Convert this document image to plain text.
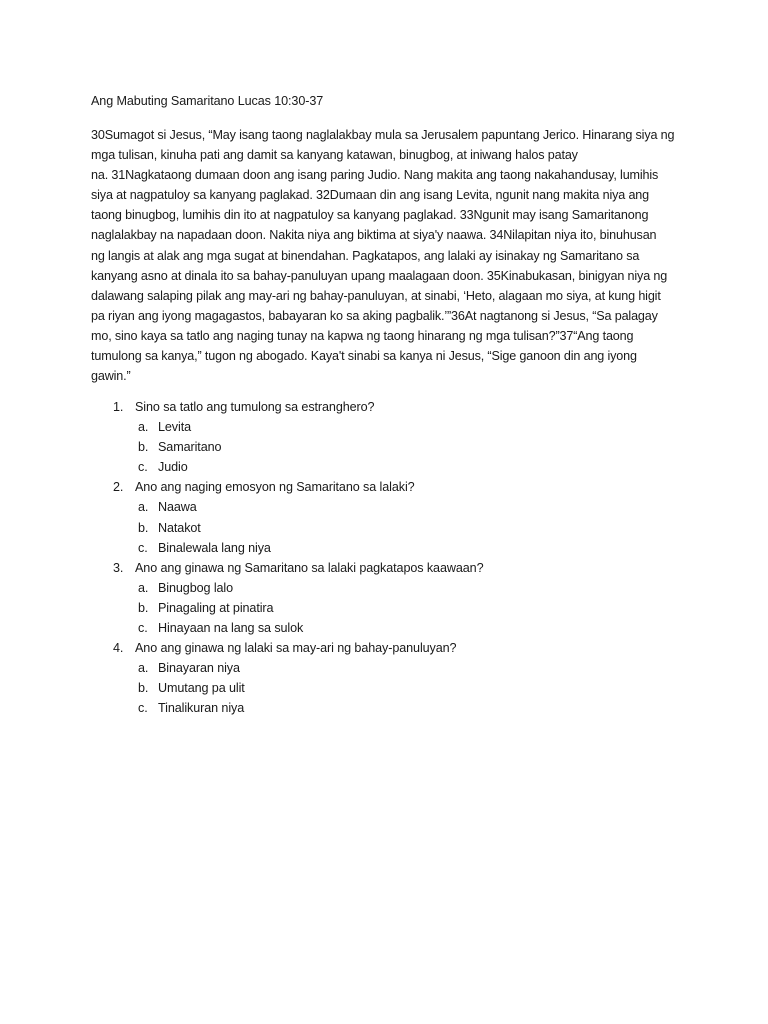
Ang Mabuting Samaritano Lucas 10:30-37
30Sumagot si Jesus, “May isang taong naglalakbay mula sa Jerusalem papuntang Jerico. Hinarang siya ng
mga tulisan, kinuha pati ang damit sa kanyang katawan, binugbog, at iniwang halos patay
na. 31Nagkataong dumaan doon ang isang paring Judio. Nang makita ang taong nakahandusay, lumihis
siya at nagpatuloy sa kanyang paglakad. 32Dumaan din ang isang Levita, ngunit nang makita niya ang
taong binugbog, lumihis din ito at nagpatuloy sa kanyang paglakad. 33Ngunit may isang Samaritanong
naglalakbay na napadaan doon. Nakita niya ang biktima at siya'y naawa. 34Nilapitan niya ito, binuhusan
ng langis at alak ang mga sugat at binendahan. Pagkatapos, ang lalaki ay isinakay ng Samaritano sa
kanyang asno at dinala ito sa bahay-panuluyan upang maalagaan doon. 35Kinabukasan, binigyan niya ng
dalawang salaping pilak ang may-ari ng bahay-panuluyan, at sinabi, ‘Heto, alagaan mo siya, at kung higit
pa riyan ang iyong magagastos, babayaran ko sa aking pagbalik.’”36At nagtanong si Jesus, “Sa palagay
mo, sino kaya sa tatlo ang naging tunay na kapwa ng taong hinarang ng mga tulisan?”37“Ang taong
tumulong sa kanya,” tugon ng abogado. Kaya't sinabi sa kanya ni Jesus, “Sige ganoon din ang iyong
gawin.”
1. Sino sa tatlo ang tumulong sa estranghero?
a. Levita
b. Samaritano
c. Judio
2. Ano ang naging emosyon ng Samaritano sa lalaki?
a. Naawa
b. Natakot
c. Binalewala lang niya
3. Ano ang ginawa ng Samaritano sa lalaki pagkatapos kaawaan?
a. Binugbog lalo
b. Pinagaling at pinatira
c. Hinayaan na lang sa sulok
4. Ano ang ginawa ng lalaki sa may-ari ng bahay-panuluyan?
a. Binayaran niya
b. Umutang pa ulit
c. Tinalikuran niya
